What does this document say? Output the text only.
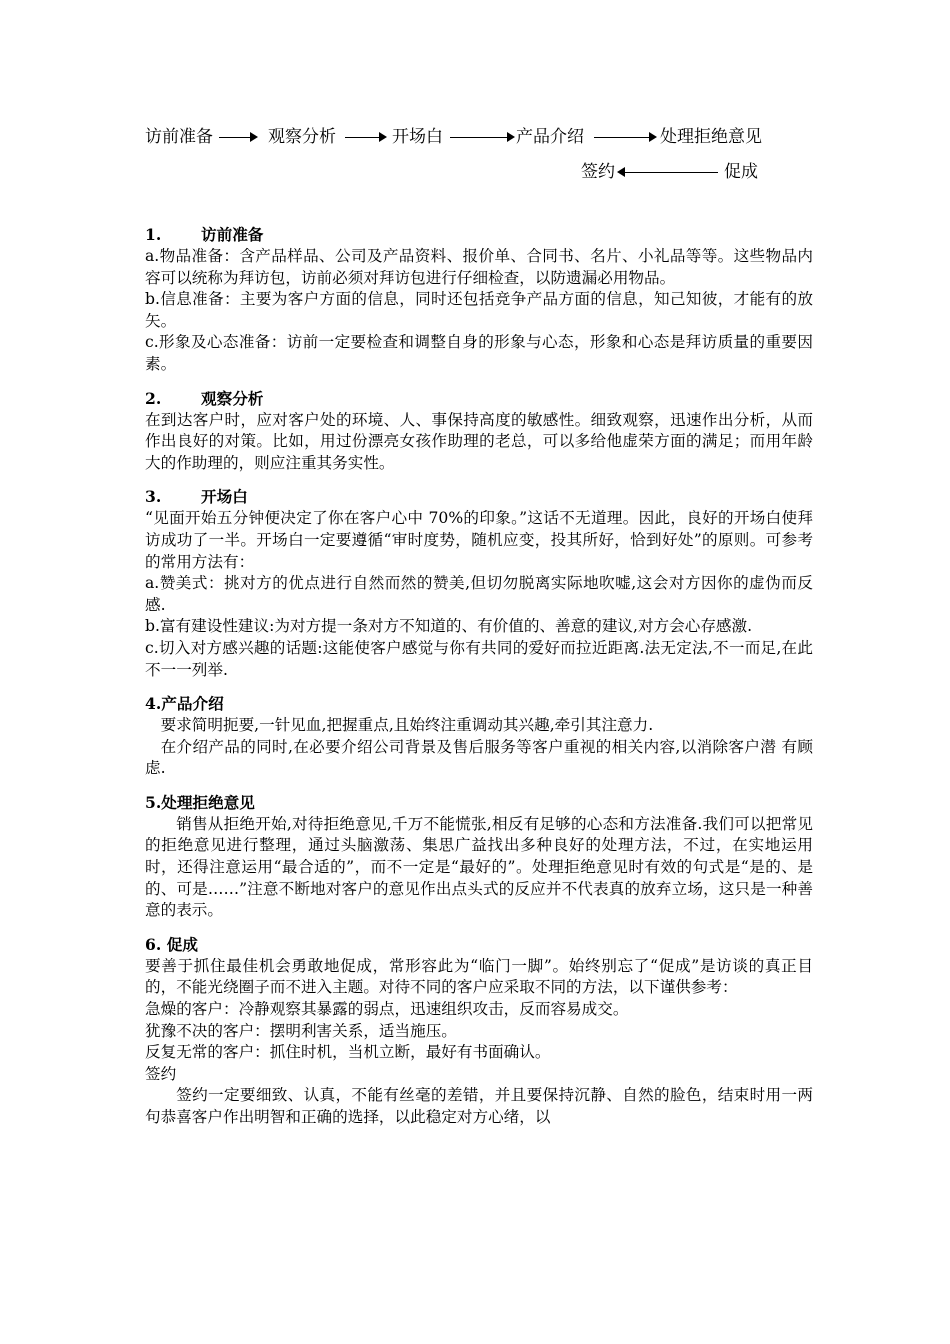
访前准备	观察分析	开场白	产品介绍	处理拒绝意见
签约	促成

1.	访前准备

a.物品准备：含产品样品、公司及产品资料、报价单、合同书、名片、小礼品等等。这些物品内容可以统称为拜访包，访前必须对拜访包进行仔细检查，以防遗漏必用物品。

b.信息准备：主要为客户方面的信息，同时还包括竞争产品方面的信息，知己知彼，才能有的放矢。

c.形象及心态准备：访前一定要检查和调整自身的形象与心态，形象和心态是拜访质量的重要因素。

2.	观察分析

在到达客户时，应对客户处的环境、人、事保持高度的敏感性。细致观察，迅速作出分析，从而作出良好的对策。比如，用过份漂亮女孩作助理的老总，可以多给他虚荣方面的满足；而用年龄大的作助理的，则应注重其务实性。

3.	开场白

“见面开始五分钟便决定了你在客户心中 70%的印象。”这话不无道理。因此，良好的开场白使拜访成功了一半。开场白一定要遵循“审时度势，随机应变，投其所好，恰到好处”的原则。可参考的常用方法有：

a.赞美式：挑对方的优点进行自然而然的赞美,但切勿脱离实际地吹嘘,这会对方因你的虚伪而反感.

b.富有建设性建议:为对方提一条对方不知道的、有价值的、善意的建议,对方会心存感激.

c.切入对方感兴趣的话题:这能使客户感觉与你有共同的爱好而拉近距离.法无定法,不一而足,在此不一一列举.

4.产品介绍

要求简明扼要,一针见血,把握重点,且始终注重调动其兴趣,牵引其注意力.

在介绍产品的同时,在必要介绍公司背景及售后服务等客户重视的相关内容,以消除客户潜 有顾虑.

5.处理拒绝意见

销售从拒绝开始,对待拒绝意见,千万不能慌张,相反有足够的心态和方法准备.我们可以把常见的拒绝意见进行整理，通过头脑激荡、集思广益找出多种良好的处理方法，不过，在实地运用时，还得注意运用“最合适的”，而不一定是“最好的”。处理拒绝意见时有效的句式是“是的、是的、可是……”注意不断地对客户的意见作出点头式的反应并不代表真的放弃立场，这只是一种善意的表示。

6. 促成

要善于抓住最佳机会勇敢地促成，常形容此为“临门一脚”。始终别忘了“促成”是访谈的真正目的，不能光绕圈子而不进入主题。对待不同的客户应采取不同的方法，以下谨供参考：

急燥的客户：冷静观察其暴露的弱点，迅速组织攻击，反而容易成交。

犹豫不决的客户：摆明利害关系，适当施压。

反复无常的客户：抓住时机，当机立断，最好有书面确认。

签约

签约一定要细致、认真，不能有丝毫的差错，并且要保持沉静、自然的脸色，结束时用一两句恭喜客户作出明智和正确的选择，以此稳定对方心绪，以
